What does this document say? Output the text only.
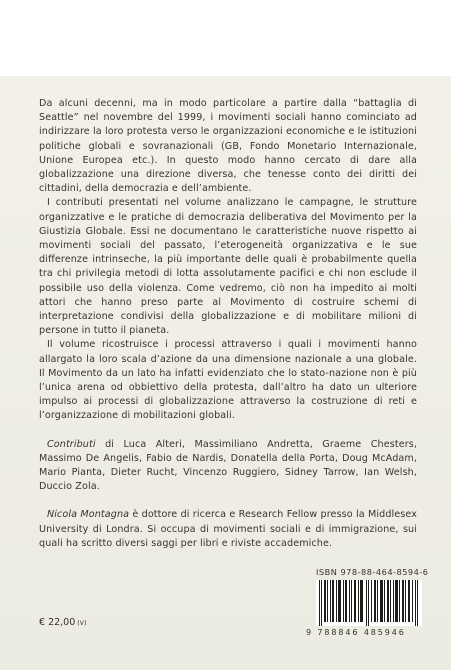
Da alcuni decenni, ma in modo particolare a partire dalla “battaglia di Seattle” nel novembre del 1999, i movimenti sociali hanno cominciato ad indirizzare la loro protesta verso le organizzazioni economiche e le istituzioni politiche globali e sovranazionali (GB, Fondo Monetario Internazionale, Unione Europea etc.). In questo modo hanno cercato di dare alla globalizzazione una direzione diversa, che tenesse conto dei diritti dei cittadini, della democrazia e dell’ambiente.

I contributi presentati nel volume analizzano le campagne, le strutture organizzative e le pratiche di democrazia deliberativa del Movimento per la Giustizia Globale. Essi ne documentano le caratteristiche nuove rispetto ai movimenti sociali del passato, l’eterogeneità organizzativa e le sue differenze intrinseche, la più importante delle quali è probabilmente quella tra chi privilegia metodi di lotta assolutamente pacifici e chi non esclude il possibile uso della violenza. Come vedremo, ciò non ha impedito ai molti attori che hanno preso parte al Movimento di costruire schemi di interpretazione condivisi della globalizzazione e di mobilitare milioni di persone in tutto il pianeta.

Il volume ricostruisce i processi attraverso i quali i movimenti hanno allargato la loro scala d’azione da una dimensione nazionale a una globale. Il Movimento da un lato ha infatti evidenziato che lo stato-nazione non è più l’unica arena od obbiettivo della protesta, dall’altro ha dato un ulteriore impulso ai processi di globalizzazione attraverso la costruzione di reti e l’organizzazione di mobilitazioni globali.

Contributi di Luca Alteri, Massimiliano Andretta, Graeme Chesters, Massimo De Angelis, Fabio de Nardis, Donatella della Porta, Doug McAdam, Mario Pianta, Dieter Rucht, Vincenzo Ruggiero, Sidney Tarrow, Ian Welsh, Duccio Zola.

Nicola Montagna è dottore di ricerca e Research Fellow presso la Middlesex University di Londra. Si occupa di movimenti sociali e di immigrazione, sui quali ha scritto diversi saggi per libri e riviste accademiche.

ISBN 978-88-464-8594-6
9 788846 485946
€ 22,00 (V)
